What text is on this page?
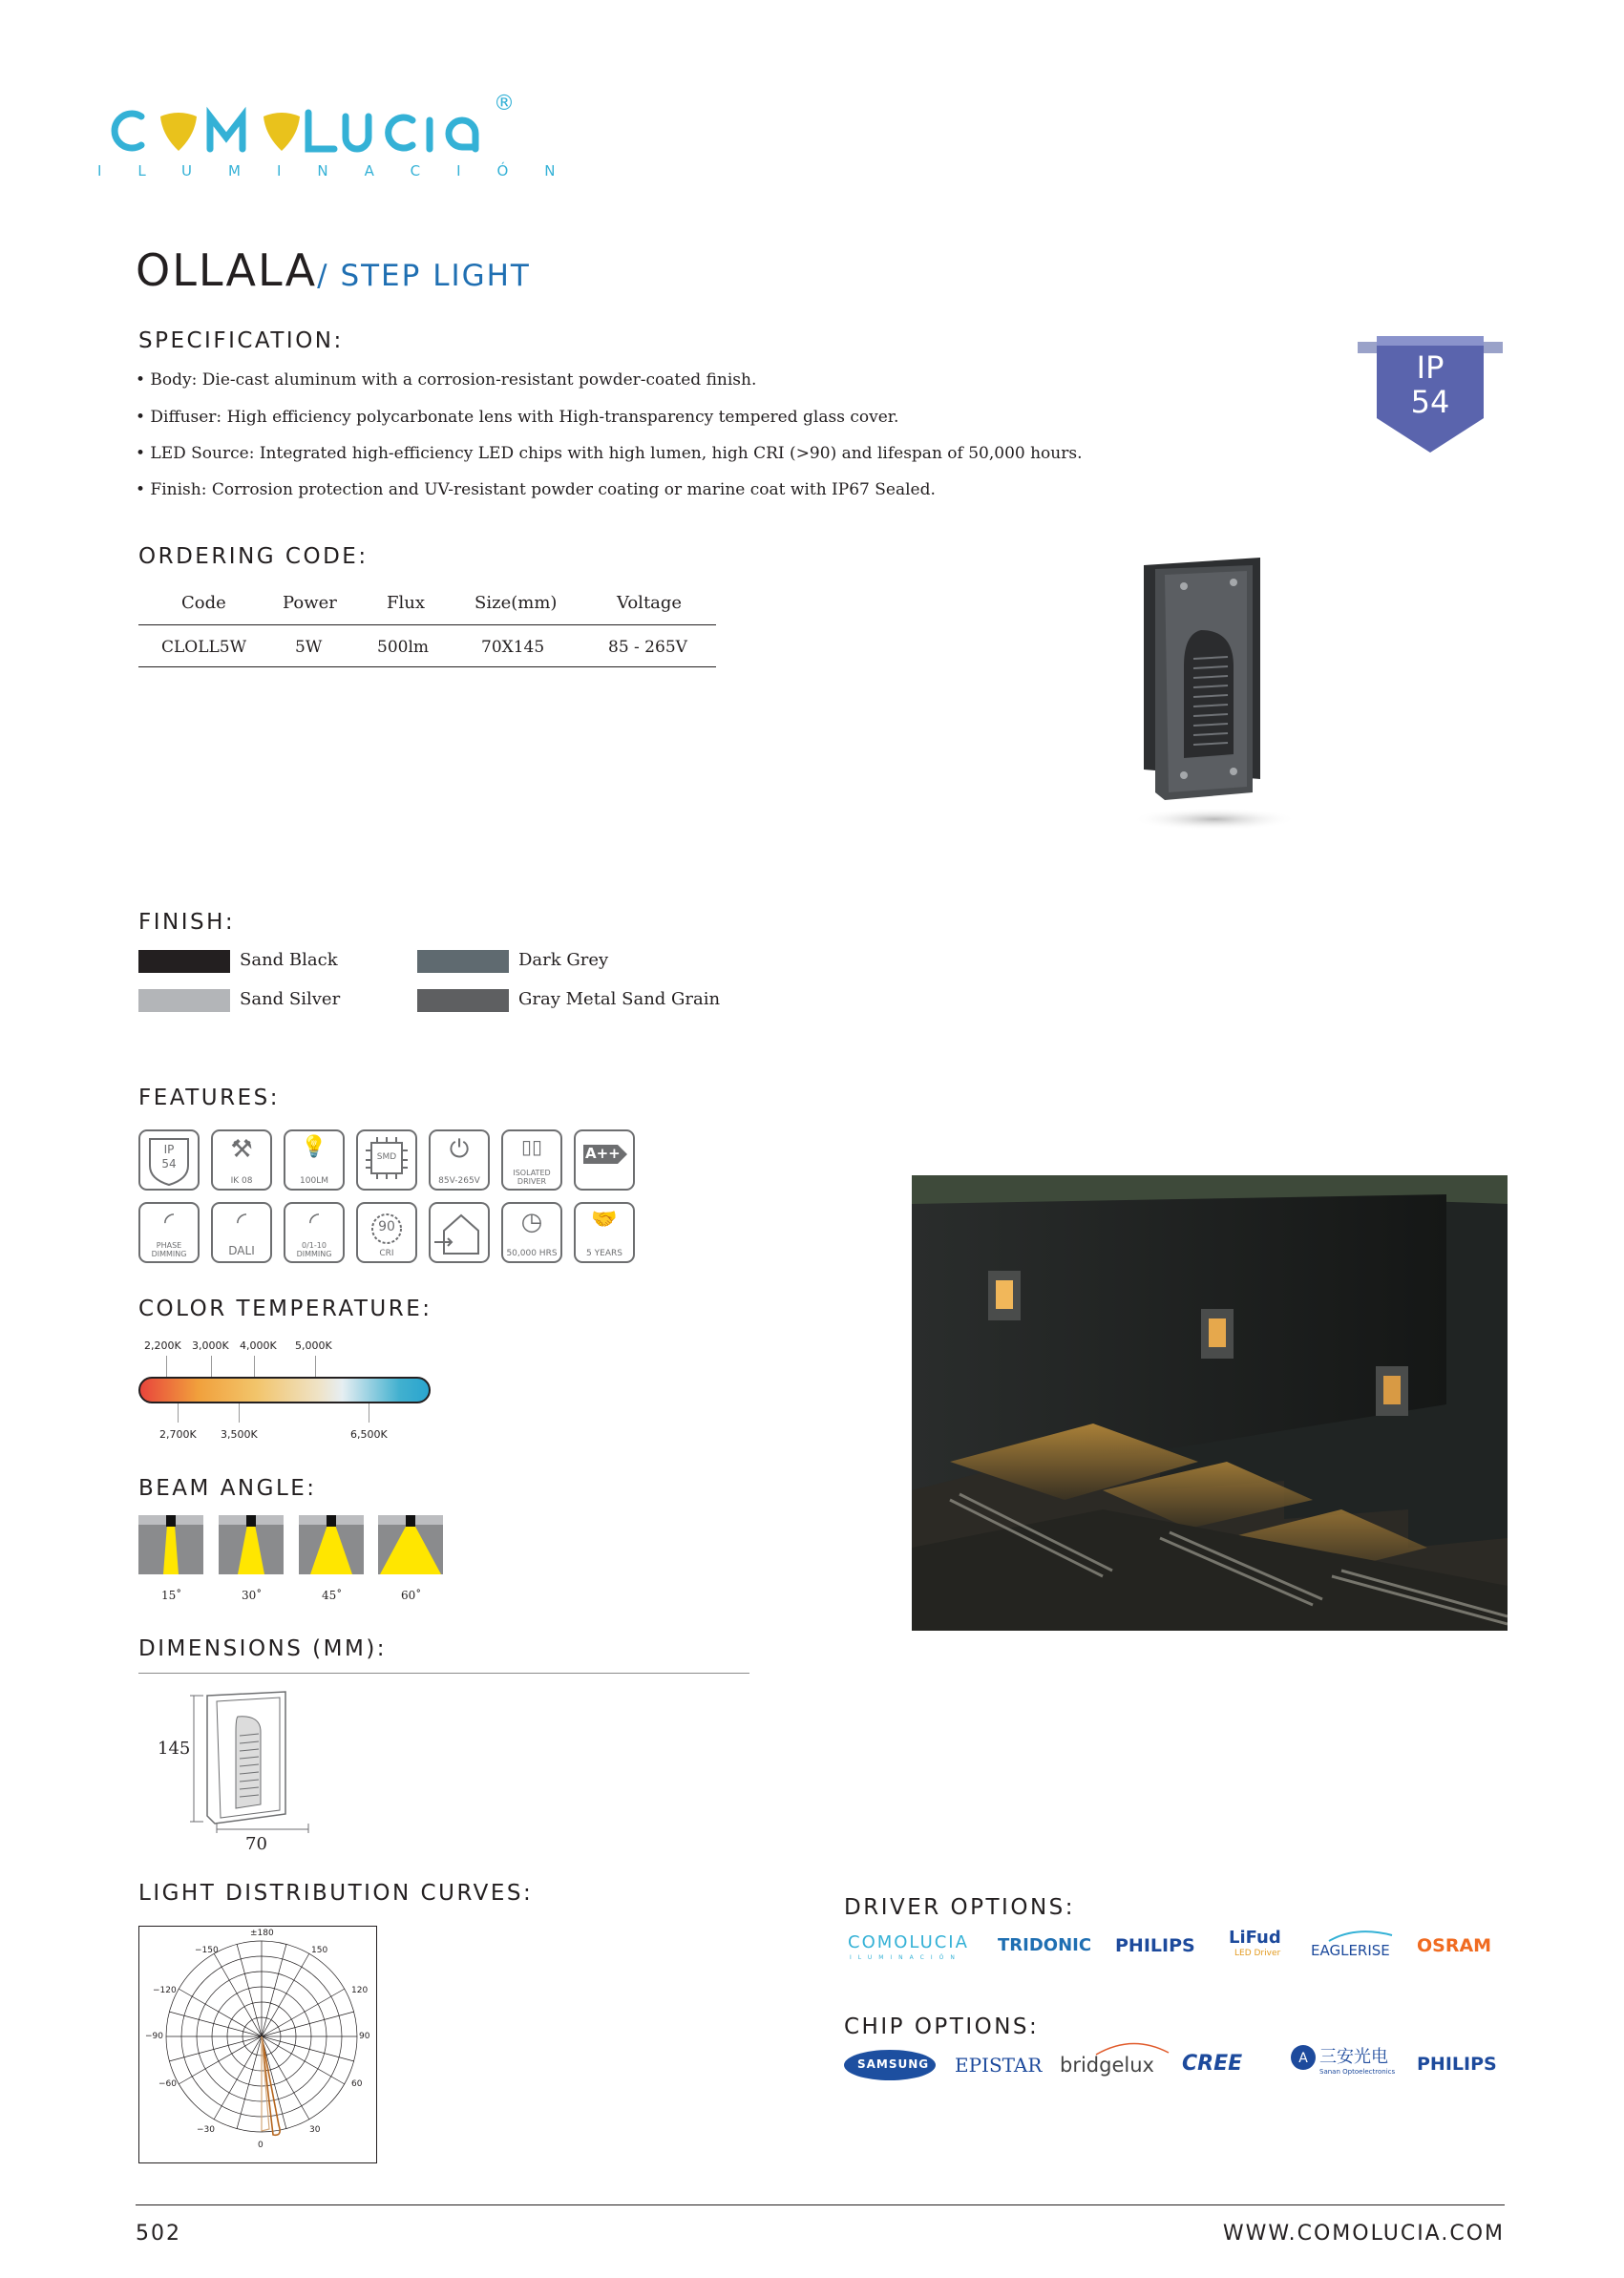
®
ILUMINACIÓN
OLLALA/ STEP LIGHT
IP
54
SPECIFICATION:
• Body: Die-cast aluminum with a corrosion-resistant powder-coated finish.
• Diffuser: High efficiency polycarbonate lens with High-transparency tempered glass cover.
• LED Source: Integrated high-efficiency LED chips with high lumen, high CRI (>90) and lifespan of 50,000 hours.
• Finish: Corrosion protection and UV-resistant powder coating or marine coat with IP67 Sealed.
ORDERING CODE:
Code	Power	Flux	Size(mm)	Voltage
CLOLL5W	5W	500lm	70X145	85 - 265V
FINISH:
Sand Black	Dark Grey
Sand Silver	Gray Metal Sand Grain
FEATURES:
IP
54	⚒
IK 08
💡
100LM
SMD	⏻
85V-265V
▯▯
ISOLATED DRIVER
A++
◜
PHASE DIMMING
◜
DALI
◜
0/1-10 DIMMING
90
CRI
◷
50,000 HRS
🤝
5 YEARS
COLOR TEMPERATURE:
2,200K 3,000K 4,000K 5,000K
2,700K 3,500K	6,500K
BEAM ANGLE:
15˚	30˚	45˚	60˚
DIMENSIONS (MM):
145
70
LIGHT DISTRIBUTION CURVES:
±180
−150	150
−120	120
−90	90
−60	60
−30	30
0
DRIVER OPTIONS:
COMOLUCIA
ILUMINACIÓN
TRIDONIC PHILIPS LiFud
LED Driver EAGLERISE OSRAM
CHIP OPTIONS:
SAMSUNG EPISTAR bridgelux CREE	A 三安光电
Sanan Optoelectronics PHILIPS
502	WWW.COMOLUCIA.COM
